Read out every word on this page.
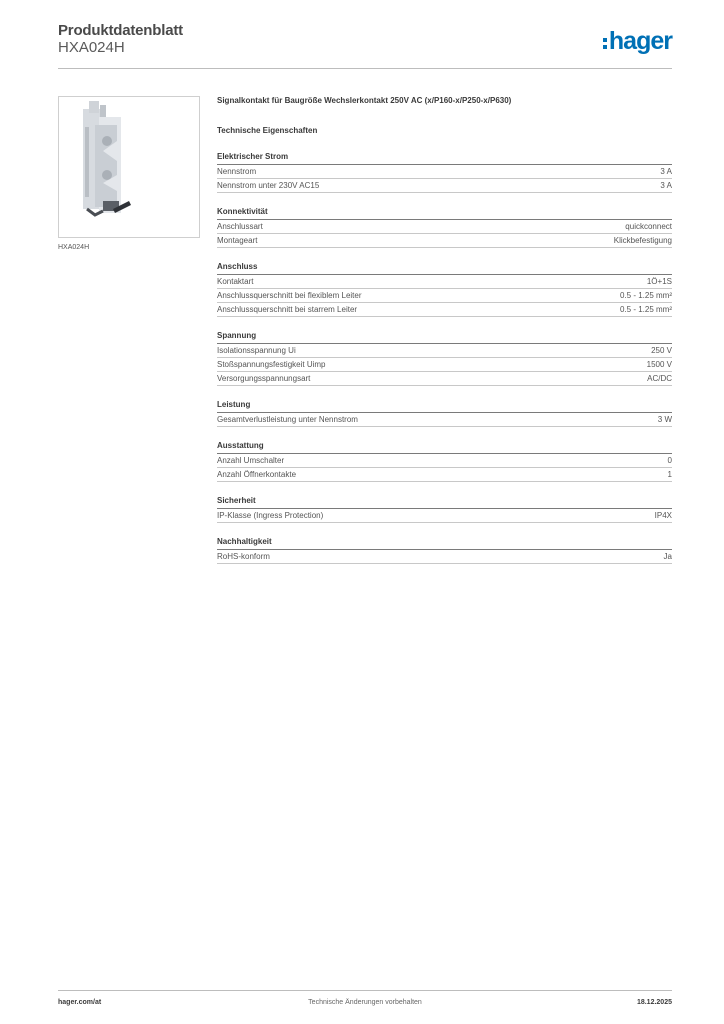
Produktdatenblatt
HXA024H	hager
HXA024H
Signalkontakt für Baugröße Wechslerkontakt 250V AC (x/P160-x/P250-x/P630)
Technische Eigenschaften
Elektrischer Strom
Nennstrom	3 A
Nennstrom unter 230V AC15	3 A
Konnektivität
Anschlussart	quickconnect
Montageart	Klickbefestigung
Anschluss
Kontaktart	1Ö+1S
Anschlussquerschnitt bei flexiblem Leiter	0.5 - 1.25 mm²
Anschlussquerschnitt bei starrem Leiter	0.5 - 1.25 mm²
Spannung
Isolationsspannung Ui	250 V
Stoßspannungsfestigkeit Uimp	1500 V
Versorgungsspannungsart	AC/DC
Leistung
Gesamtverlustleistung unter Nennstrom	3 W
Ausstattung
Anzahl Umschalter	0
Anzahl Öffnerkontakte	1
Sicherheit
IP-Klasse (Ingress Protection)	IP4X
Nachhaltigkeit
RoHS-konform	Ja
hager.com/at	Technische Änderungen vorbehalten	18.12.2025
